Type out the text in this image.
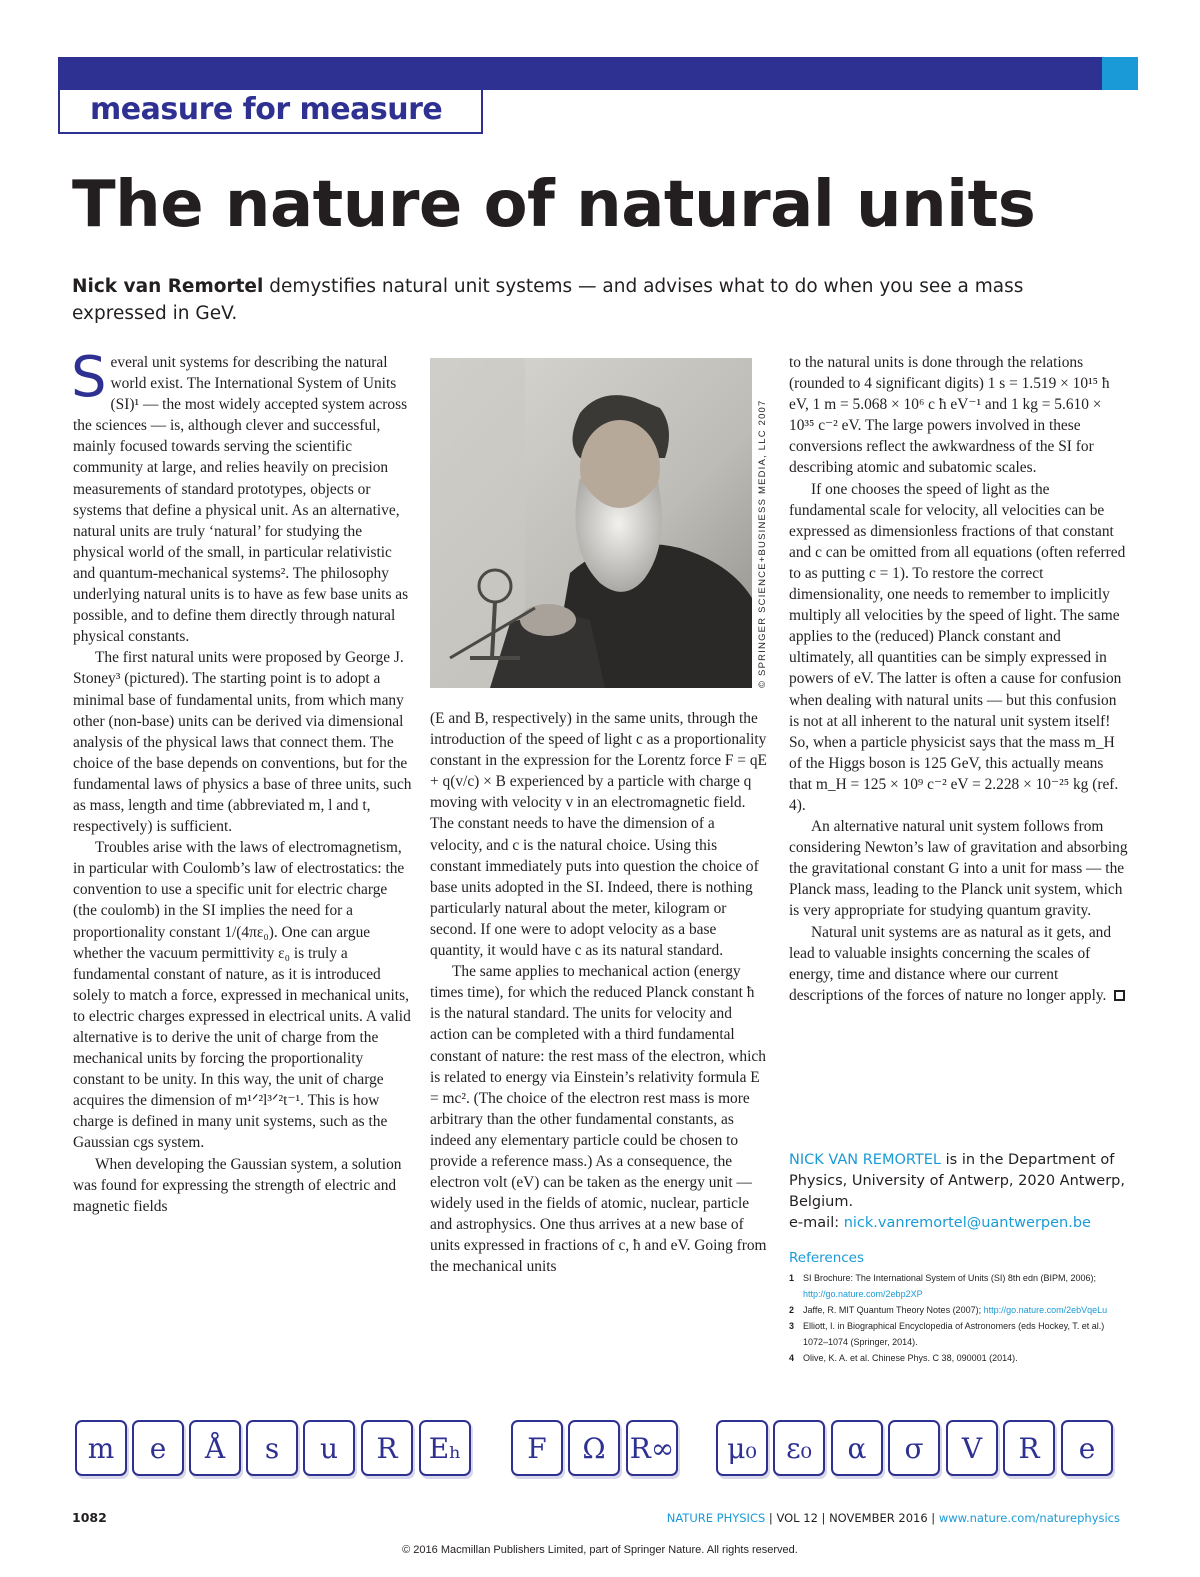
measure for measure
The nature of natural units

Nick van Remortel demystifies natural unit systems — and advises what to do when you see a mass expressed in GeV.

Several unit systems for describing the natural world exist. The International System of Units (SI)¹ — the most widely accepted system across the sciences — is, although clever and successful, mainly focused towards serving the scientific community at large, and relies heavily on precision measurements of standard prototypes, objects or systems that define a physical unit. As an alternative, natural units are truly ‘natural’ for studying the physical world of the small, in particular relativistic and quantum-mechanical systems². The philosophy underlying natural units is to have as few base units as possible, and to define them directly through natural physical constants.

The first natural units were proposed by George J. Stoney³ (pictured). The starting point is to adopt a minimal base of fundamental units, from which many other (non-base) units can be derived via dimensional analysis of the physical laws that connect them. The choice of the base depends on conventions, but for the fundamental laws of physics a base of three units, such as mass, length and time (abbreviated m, l and t, respectively) is sufficient.

Troubles arise with the laws of electromagnetism, in particular with Coulomb’s law of electrostatics: the convention to use a specific unit for electric charge (the coulomb) in the SI implies the need for a proportionality constant 1/(4πε₀). One can argue whether the vacuum permittivity ε₀ is truly a fundamental constant of nature, as it is introduced solely to match a force, expressed in mechanical units, to electric charges expressed in electrical units. A valid alternative is to derive the unit of charge from the mechanical units by forcing the proportionality constant to be unity. In this way, the unit of charge acquires the dimension of m¹ᐟ²l³ᐟ²t⁻¹. This is how charge is defined in many unit systems, such as the Gaussian cgs system.

When developing the Gaussian system, a solution was found for expressing the strength of electric and magnetic fields

© SPRINGER SCIENCE+BUSINESS MEDIA, LLC 2007

(E and B, respectively) in the same units, through the introduction of the speed of light c as a proportionality constant in the expression for the Lorentz force F = qE + q(v/c) × B experienced by a particle with charge q moving with velocity v in an electromagnetic field. The constant needs to have the dimension of a velocity, and c is the natural choice. Using this constant immediately puts into question the choice of base units adopted in the SI. Indeed, there is nothing particularly natural about the meter, kilogram or second. If one were to adopt velocity as a base quantity, it would have c as its natural standard.

The same applies to mechanical action (energy times time), for which the reduced Planck constant ħ is the natural standard. The units for velocity and action can be completed with a third fundamental constant of nature: the rest mass of the electron, which is related to energy via Einstein’s relativity formula E = mc². (The choice of the electron rest mass is more arbitrary than the other fundamental constants, as indeed any elementary particle could be chosen to provide a reference mass.) As a consequence, the electron volt (eV) can be taken as the energy unit — widely used in the fields of atomic, nuclear, particle and astrophysics. One thus arrives at a new base of units expressed in fractions of c, ħ and eV. Going from the mechanical units

to the natural units is done through the relations (rounded to 4 significant digits) 1 s = 1.519 × 10¹⁵ ħ eV, 1 m = 5.068 × 10⁶ c ħ eV⁻¹ and 1 kg = 5.610 × 10³⁵ c⁻² eV. The large powers involved in these conversions reflect the awkwardness of the SI for describing atomic and subatomic scales.

If one chooses the speed of light as the fundamental scale for velocity, all velocities can be expressed as dimensionless fractions of that constant and c can be omitted from all equations (often referred to as putting c = 1). To restore the correct dimensionality, one needs to remember to implicitly multiply all velocities by the speed of light. The same applies to the (reduced) Planck constant and ultimately, all quantities can be simply expressed in powers of eV. The latter is often a cause for confusion when dealing with natural units — but this confusion is not at all inherent to the natural unit system itself! So, when a particle physicist says that the mass m_H of the Higgs boson is 125 GeV, this actually means that m_H = 125 × 10⁹ c⁻² eV = 2.228 × 10⁻²⁵ kg (ref. 4).

An alternative natural unit system follows from considering Newton’s law of gravitation and absorbing the gravitational constant G into a unit for mass — the Planck mass, leading to the Planck unit system, which is very appropriate for studying quantum gravity.

Natural unit systems are as natural as it gets, and lead to valuable insights concerning the scales of energy, time and distance where our current descriptions of the forces of nature no longer apply.

NICK VAN REMORTEL is in the Department of Physics, University of Antwerp, 2020 Antwerp, Belgium.
e-mail: nick.vanremortel@uantwerpen.be
References
1 SI Brochure: The International System of Units (SI) 8th edn (BIPM, 2006); http://go.nature.com/2ebp2XP
2 Jaffe, R. MIT Quantum Theory Notes (2007); http://go.nature.com/2ebVqeLu
3 Elliott, I. in Biographical Encyclopedia of Astronomers (eds Hockey, T. et al.) 1072–1074 (Springer, 2014).
4 Olive, K. A. et al. Chinese Phys. C 38, 090001 (2014).
m	e	Å	s	u	R	Eₕ	F	Ω R∞	μ₀	ε₀	α	σ	V	R	e
1082	NATURE PHYSICS | VOL 12 | NOVEMBER 2016 | www.nature.com/naturephysics
© 2016 Macmillan Publishers Limited, part of Springer Nature. All rights reserved.
